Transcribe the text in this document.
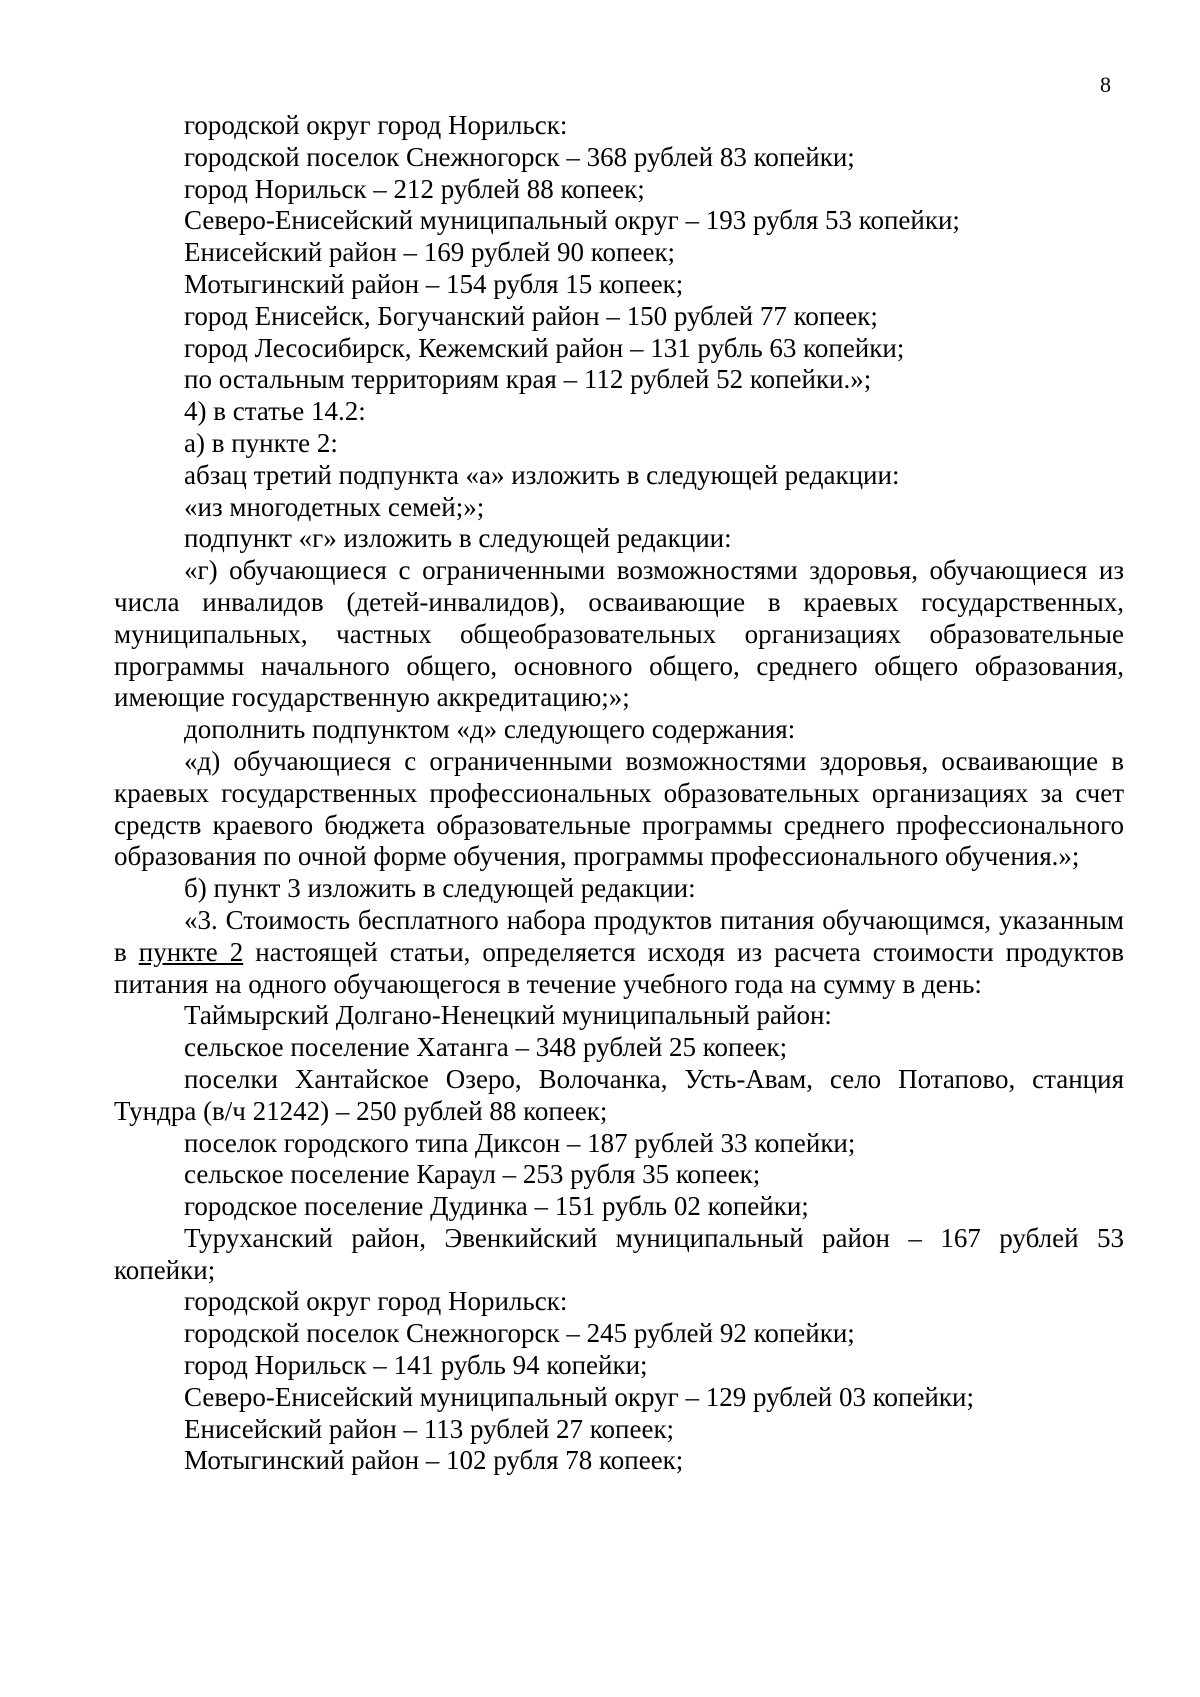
8

городской округ город Норильск:

городской поселок Снежногорск – 368 рублей 83 копейки;

город Норильск – 212 рублей 88 копеек;

Северо-Енисейский муниципальный округ – 193 рубля 53 копейки;

Енисейский район – 169 рублей 90 копеек;

Мотыгинский район – 154 рубля 15 копеек;

город Енисейск, Богучанский район – 150 рублей 77 копеек;

город Лесосибирск, Кежемский район – 131 рубль 63 копейки;

по остальным территориям края – 112 рублей 52 копейки.»;

4) в статье 14.2:

а) в пункте 2:

абзац третий подпункта «а» изложить в следующей редакции:

«из многодетных семей;»;

подпункт «г» изложить в следующей редакции:

«г) обучающиеся с ограниченными возможностями здоровья, обучающиеся из числа инвалидов (детей-инвалидов), осваивающие в краевых государственных, муниципальных, частных общеобразовательных организациях образовательные программы начального общего, основного общего, среднего общего образования, имеющие государственную аккредитацию;»;

дополнить подпунктом «д» следующего содержания:

«д) обучающиеся с ограниченными возможностями здоровья, осваивающие в краевых государственных профессиональных образовательных организациях за счет средств краевого бюджета образовательные программы среднего профессионального образования по очной форме обучения, программы профессионального обучения.»;

б) пункт 3 изложить в следующей редакции:

«3. Стоимость бесплатного набора продуктов питания обучающимся, указанным в пункте 2 настоящей статьи, определяется исходя из расчета стоимости продуктов питания на одного обучающегося в течение учебного года на сумму в день:

Таймырский Долгано-Ненецкий муниципальный район:

сельское поселение Хатанга – 348 рублей 25 копеек;

поселки Хантайское Озеро, Волочанка, Усть-Авам, село Потапово, станция Тундра (в/ч 21242) – 250 рублей 88 копеек;

поселок городского типа Диксон – 187 рублей 33 копейки;

сельское поселение Караул – 253 рубля 35 копеек;

городское поселение Дудинка – 151 рубль 02 копейки;

Туруханский район, Эвенкийский муниципальный район – 167 рублей 53 копейки;

городской округ город Норильск:

городской поселок Снежногорск – 245 рублей 92 копейки;

город Норильск – 141 рубль 94 копейки;

Северо-Енисейский муниципальный округ – 129 рублей 03 копейки;

Енисейский район – 113 рублей 27 копеек;

Мотыгинский район – 102 рубля 78 копеек;
